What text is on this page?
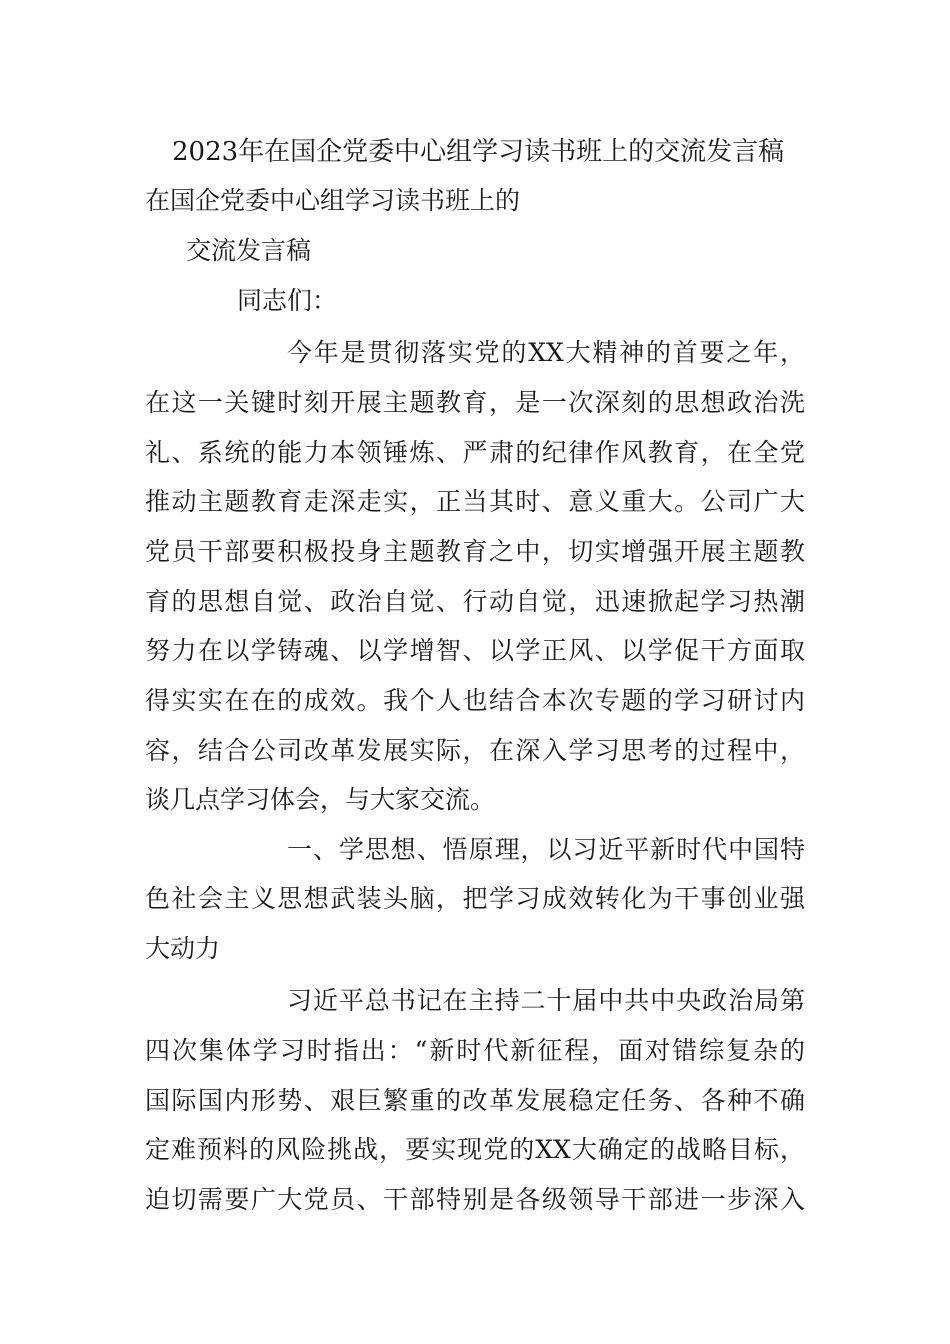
2023年在国企党委中心组学习读书班上的交流发言稿
在国企党委中心组学习读书班上的
交流发言稿
同志们：
今年是贯彻落实党的XX大精神的首要之年，
在这一关键时刻开展主题教育，是一次深刻的思想政治洗
礼、系统的能力本领锤炼、严肃的纪律作风教育，在全党
推动主题教育走深走实，正当其时、意义重大。公司广大
党员干部要积极投身主题教育之中，切实增强开展主题教
育的思想自觉、政治自觉、行动自觉，迅速掀起学习热潮
努力在以学铸魂、以学增智、以学正风、以学促干方面取
得实实在在的成效。我个人也结合本次专题的学习研讨内
容，结合公司改革发展实际，在深入学习思考的过程中，
谈几点学习体会，与大家交流。
一、学思想、悟原理，以习近平新时代中国特
色社会主义思想武装头脑，把学习成效转化为干事创业强
大动力
习近平总书记在主持二十届中共中央政治局第
四次集体学习时指出：“新时代新征程，面对错综复杂的
国际国内形势、艰巨繁重的改革发展稳定任务、各种不确
定难预料的风险挑战，要实现党的XX大确定的战略目标，
迫切需要广大党员、干部特别是各级领导干部进一步深入
